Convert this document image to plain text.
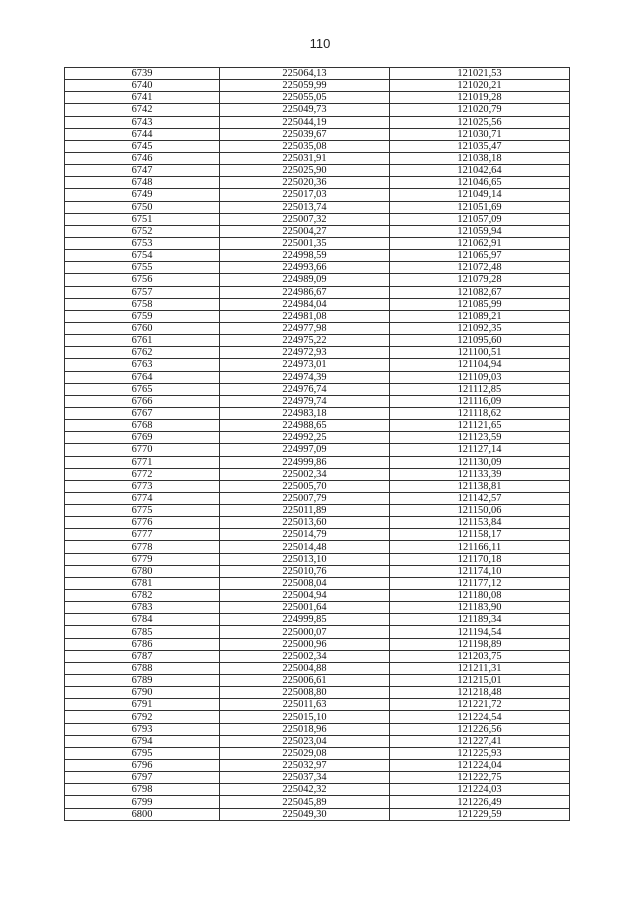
110
6739	225064,13	121021,53
6740	225059,99	121020,21
6741	225055,05	121019,28
6742	225049,73	121020,79
6743	225044,19	121025,56
6744	225039,67	121030,71
6745	225035,08	121035,47
6746	225031,91	121038,18
6747	225025,90	121042,64
6748	225020,36	121046,65
6749	225017,03	121049,14
6750	225013,74	121051,69
6751	225007,32	121057,09
6752	225004,27	121059,94
6753	225001,35	121062,91
6754	224998,59	121065,97
6755	224993,66	121072,48
6756	224989,09	121079,28
6757	224986,67	121082,67
6758	224984,04	121085,99
6759	224981,08	121089,21
6760	224977,98	121092,35
6761	224975,22	121095,60
6762	224972,93	121100,51
6763	224973,01	121104,94
6764	224974,39	121109,03
6765	224976,74	121112,85
6766	224979,74	121116,09
6767	224983,18	121118,62
6768	224988,65	121121,65
6769	224992,25	121123,59
6770	224997,09	121127,14
6771	224999,86	121130,09
6772	225002,34	121133,39
6773	225005,70	121138,81
6774	225007,79	121142,57
6775	225011,89	121150,06
6776	225013,60	121153,84
6777	225014,79	121158,17
6778	225014,48	121166,11
6779	225013,10	121170,18
6780	225010,76	121174,10
6781	225008,04	121177,12
6782	225004,94	121180,08
6783	225001,64	121183,90
6784	224999,85	121189,34
6785	225000,07	121194,54
6786	225000,96	121198,89
6787	225002,34	121203,75
6788	225004,88	121211,31
6789	225006,61	121215,01
6790	225008,80	121218,48
6791	225011,63	121221,72
6792	225015,10	121224,54
6793	225018,96	121226,56
6794	225023,04	121227,41
6795	225029,08	121225,93
6796	225032,97	121224,04
6797	225037,34	121222,75
6798	225042,32	121224,03
6799	225045,89	121226,49
6800	225049,30	121229,59
